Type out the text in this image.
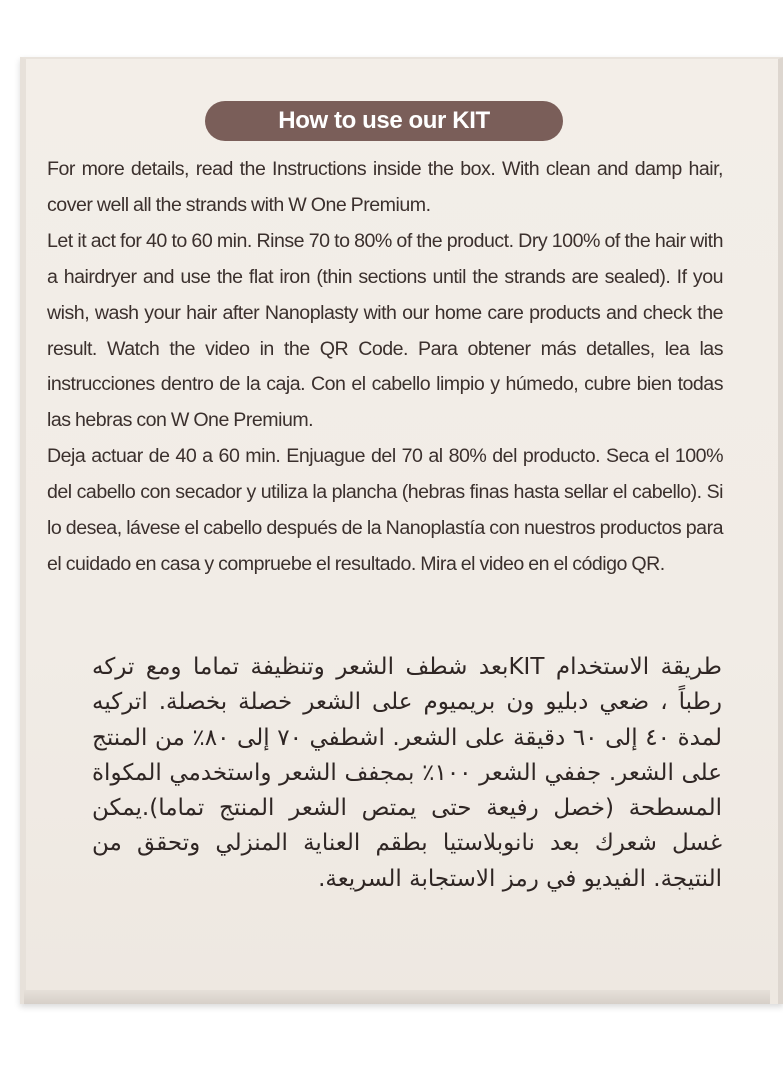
How to use our KIT

For more details, read the Instructions inside the box. With clean and damp hair, cover well all the strands with W One Premium.

Let it act for 40 to 60 min. Rinse 70 to 80% of the product. Dry 100% of the hair with a hairdryer and use the flat iron (thin sections until the strands are sealed). If you wish, wash your hair after Nanoplasty with our home care products and check the result. Watch the video in the QR Code. Para obtener más detalles, lea las instrucciones dentro de la caja. Con el cabello limpio y húmedo, cubre bien todas las hebras con W One Premium.

Deja actuar de 40 a 60 min. Enjuague del 70 al 80% del producto. Seca el 100% del cabello con secador y utiliza la plancha (hebras finas hasta sellar el cabello). Si lo desea, lávese el cabello después de la Nanoplastía con nuestros productos para el cuidado en casa y compruebe el resultado. Mira el video en el código QR.

طريقة الاستخدام KITبعد شطف الشعر وتنظيفة تماما ومع تركه رطباً ، ضعي دبليو ون بريميوم على الشعر خصلة بخصلة. اتركيه لمدة ٤٠ إلى ٦٠ دقيقة على الشعر. اشطفي ٧٠ إلى ٨٠٪ من المنتج على الشعر. جففي الشعر ١٠٠٪ بمجفف الشعر واستخدمي المكواة المسطحة (خصل رفيعة حتى يمتص الشعر المنتج تماما).يمكن غسل شعرك بعد نانوبلاستيا بطقم العناية المنزلي وتحقق من النتيجة. الفيديو في رمز الاستجابة السريعة.
